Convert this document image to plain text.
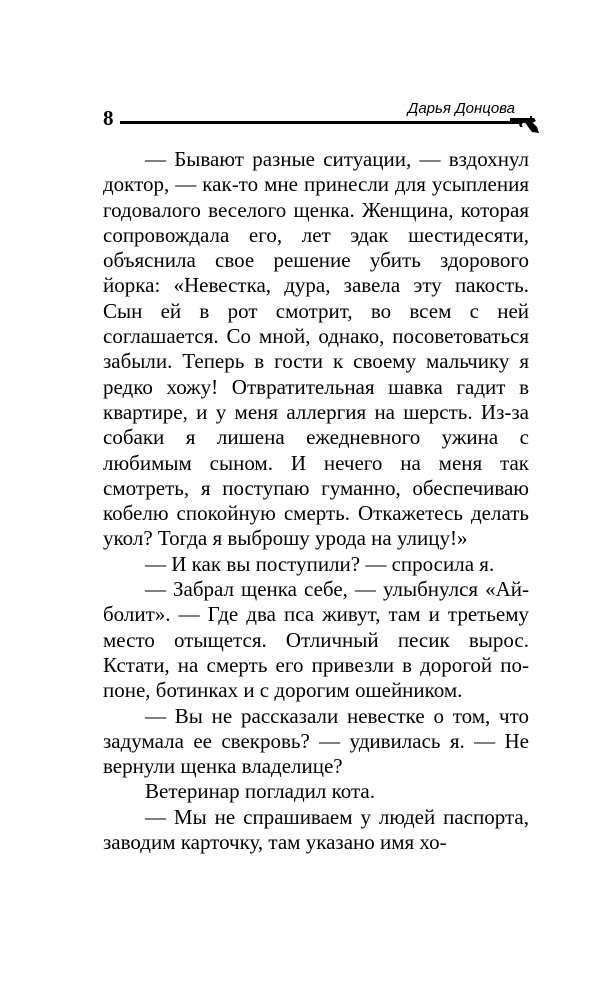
8	Дарья Донцова

— Бывают разные ситуации, — вздохнул доктор, — как-то мне принесли для усыпления годовалого веселого щенка. Женщина, которая сопровождала его, лет эдак шестидесяти, объяснила свое решение убить здорового йорка: «Невестка, дура, завела эту пакость. Сын ей в рот смотрит, во всем с ней соглашается. Со мной, однако, посоветоваться забыли. Теперь в гости к своему мальчику я редко хожу! Отвратительная шавка гадит в квартире, и у меня аллергия на шерсть. Из-за собаки я лишена ежедневного ужина с любимым сыном. И нечего на меня так смотреть, я поступаю гуманно, обеспечиваю кобелю спокойную смерть. Откажетесь делать укол? Тогда я выброшу урода на улицу!»

— И как вы поступили? — спросила я.

— Забрал щенка себе, — улыбнулся «Айболит». — Где два пса живут, там и третьему место отыщется. Отличный песик вырос. Кстати, на смерть его привезли в дорогой попоне, ботинках и с дорогим ошейником.

— Вы не рассказали невестке о том, что задумала ее свекровь? — удивилась я. — Не вернули щенка владелице?

Ветеринар погладил кота.

— Мы не спрашиваем у людей паспорта, заводим карточку, там указано имя хо-
